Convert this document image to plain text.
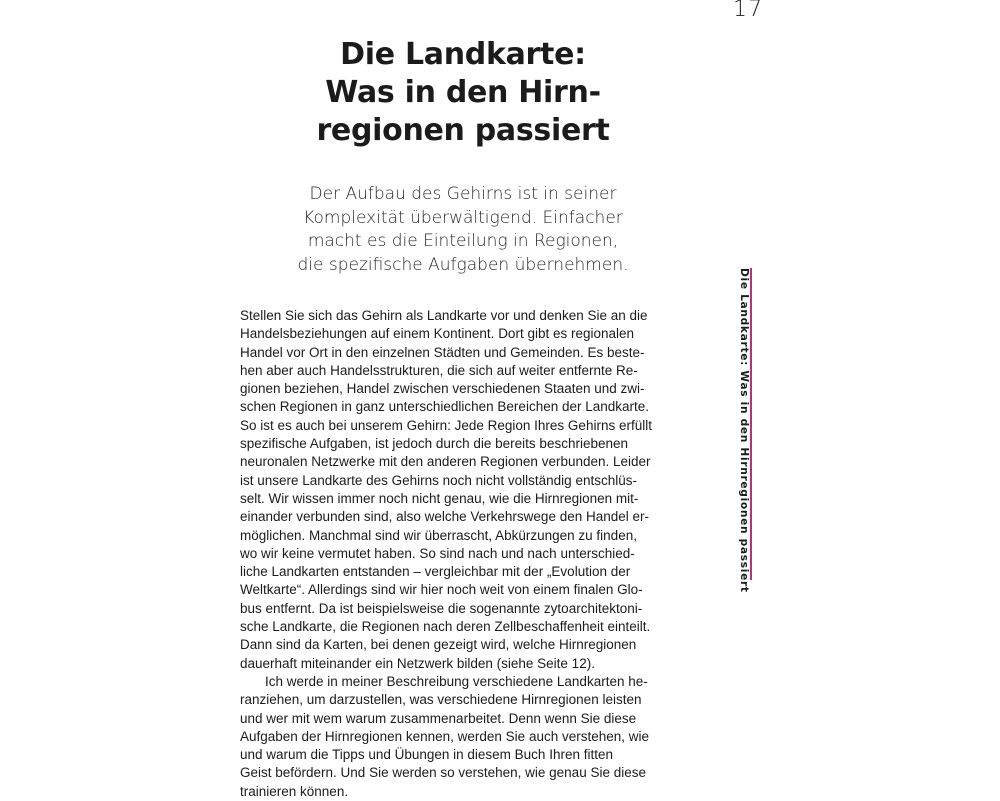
17
Die Landkarte:
Was in den Hirn-
regionen passiert

Der Aufbau des Gehirns ist in seiner
Komplexität überwältigend. Einfacher
macht es die Einteilung in Regionen,
die spezifische Aufgaben übernehmen.

Die Landkarte: Was in den Hirnregionen passiert
Stellen Sie sich das Gehirn als Landkarte vor und denken Sie an die
Handelsbeziehungen auf einem Kontinent. Dort gibt es regionalen
Handel vor Ort in den einzelnen Städten und Gemeinden. Es beste-
hen aber auch Handelsstrukturen, die sich auf weiter entfernte Re-
gionen beziehen, Handel zwischen verschiedenen Staaten und zwi-
schen Regionen in ganz unterschiedlichen Bereichen der Landkarte.
So ist es auch bei unserem Gehirn: Jede Region Ihres Gehirns erfüllt
spezifische Aufgaben, ist jedoch durch die bereits beschriebenen
neuronalen Netzwerke mit den anderen Regionen verbunden. Leider
ist unsere Landkarte des Gehirns noch nicht vollständig entschlüs-
selt. Wir wissen immer noch nicht genau, wie die Hirnregionen mit-
einander verbunden sind, also welche Verkehrswege den Handel er-
möglichen. Manchmal sind wir überrascht, Abkürzungen zu finden,
wo wir keine vermutet haben. So sind nach und nach unterschied-
liche Landkarten entstanden – vergleichbar mit der „Evolution der
Weltkarte“. Allerdings sind wir hier noch weit von einem finalen Glo-
bus entfernt. Da ist beispielsweise die sogenannte zytoarchitektoni-
sche Landkarte, die Regionen nach deren Zellbeschaffenheit einteilt.
Dann sind da Karten, bei denen gezeigt wird, welche Hirnregionen
dauerhaft miteinander ein Netzwerk bilden (siehe Seite 12).
Ich werde in meiner Beschreibung verschiedene Landkarten he-
ranziehen, um darzustellen, was verschiedene Hirnregionen leisten
und wer mit wem warum zusammenarbeitet. Denn wenn Sie diese
Aufgaben der Hirnregionen kennen, werden Sie auch verstehen, wie
und warum die Tipps und Übungen in diesem Buch Ihren fitten
Geist befördern. Und Sie werden so verstehen, wie genau Sie diese
trainieren können.
